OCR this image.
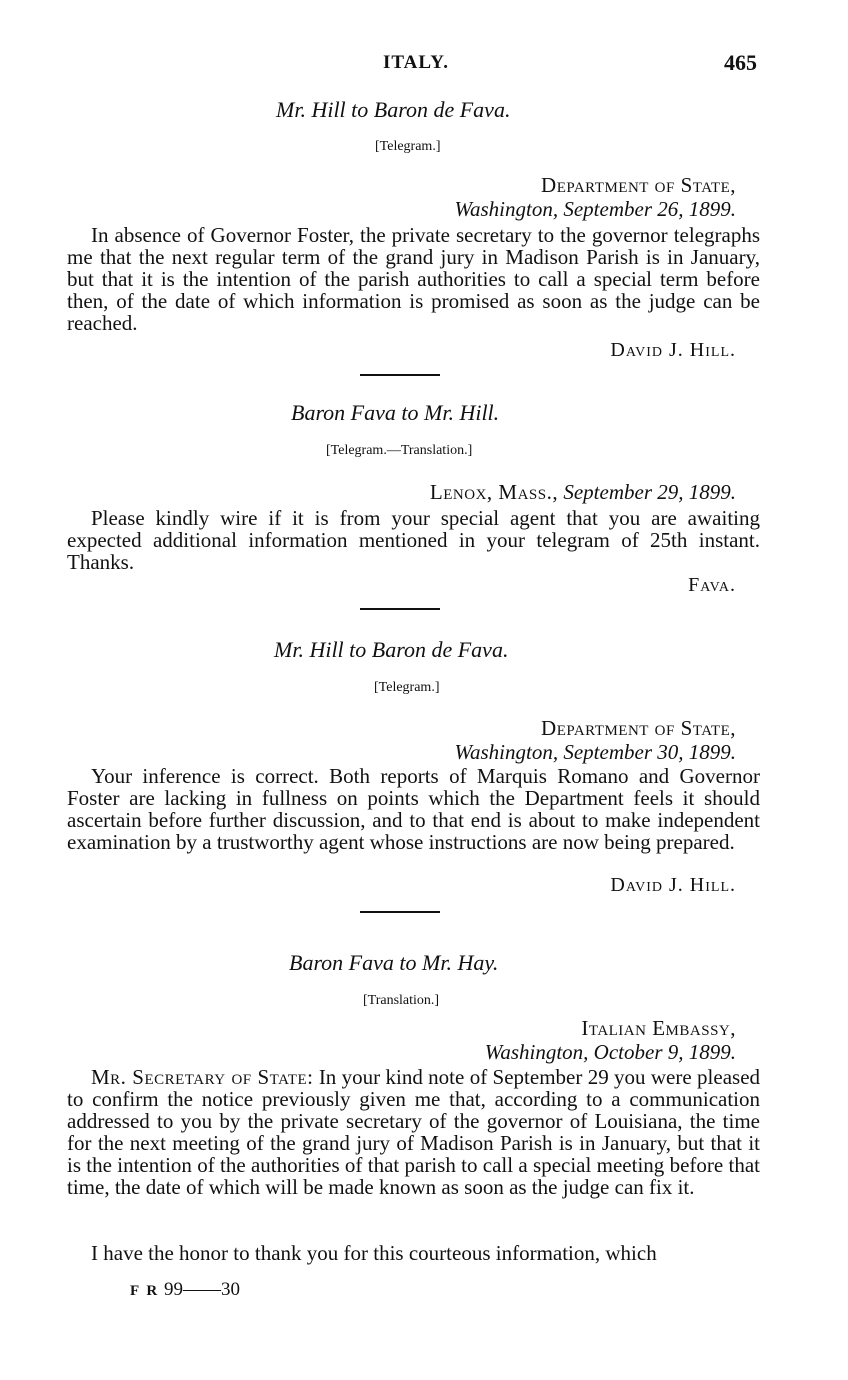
ITALY.	465
Mr. Hill to Baron de Fava.
[Telegram.]
Department of State,
Washington, September 26, 1899.
In absence of Governor Foster, the private secretary to the governor telegraphs me that the next regular term of the grand jury in Madison Parish is in January, but that it is the intention of the parish authorities to call a special term before then, of the date of which information is promised as soon as the judge can be reached.
David J. Hill.
Baron Fava to Mr. Hill.
[Telegram.—Translation.]
Lenox, Mass., September 29, 1899.
Please kindly wire if it is from your special agent that you are awaiting expected additional information mentioned in your telegram of 25th instant. Thanks.
Fava.
Mr. Hill to Baron de Fava.
[Telegram.]
Department of State,
Washington, September 30, 1899.
Your inference is correct. Both reports of Marquis Romano and Governor Foster are lacking in fullness on points which the Department feels it should ascertain before further discussion, and to that end is about to make independent examination by a trustworthy agent whose instructions are now being prepared.
David J. Hill.
Baron Fava to Mr. Hay.
[Translation.]
Italian Embassy,
Washington, October 9, 1899.
Mr. Secretary of State: In your kind note of September 29 you were pleased to confirm the notice previously given me that, according to a communication addressed to you by the private secretary of the governor of Louisiana, the time for the next meeting of the grand jury of Madison Parish is in January, but that it is the intention of the authorities of that parish to call a special meeting before that time, the date of which will be made known as soon as the judge can fix it.
I have the honor to thank you for this courteous information, which
F R 99——30
